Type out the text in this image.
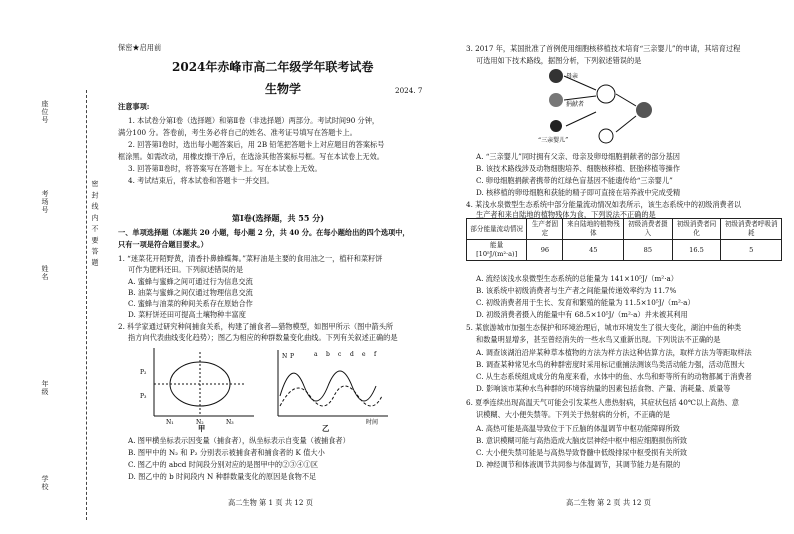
密 封 线 内 不 要 答 题
座位号
考场号
姓名
年级
学校
保密★启用前
2024年赤峰市高二年级学年联考试卷
生物学	2024. 7
注意事项:
1. 本试卷分第Ⅰ卷（选择题）和第Ⅱ卷（非选择题）两部分。考试时间90 分钟，
满分100 分。答卷前，考生务必将自己的姓名、准考证号填写在答题卡上。
2. 回答第Ⅰ卷时，选出每小题答案后，用 2B 铅笔把答题卡上对应题目的答案标号
框涂黑。如需改动，用橡皮擦干净后，在选涂其他答案标号框。写在本试卷上无效。
3. 回答第Ⅱ卷时，将答案写在答题卡上。写在本试卷上无效。
4. 考试结束后，将本试卷和答题卡一并交回。
第Ⅰ卷(选择题，共 55 分)
一、单项选择题（本题共 20 小题，每小题 2 分，共 40 分。在每小题给出的四个选项中，
只有一项是符合题目要求。）
1. “迷菜花开陌野黄，清香扑鼻蜂蝶舞。”菜籽油是主要的食用油之一，植秆和菜籽饼
可作为肥料还田。下列叙述错误的是
A. 蜜蜂与蜜蜂之间可通过行为信息交流
B. 油菜与蜜蜂之间仅通过物理信息交流
C. 蜜蜂与油菜的种间关系存在原始合作
D. 菜籽饼还田可提高土壤物种丰富度
2. 科学家通过研究种间捕食关系，构建了捕食者—猎物模型，如图甲所示（图中箭头所
指方向代表曲线变化趋势）；图乙为相应的种群数量变化曲线。下列有关叙述正确的是
P₂
P₃
N₁	N₂	N₃
甲
N P	a b c d e f
时间
乙
A. 图甲横坐标表示因变量（捕食者），纵坐标表示自变量（被捕食者）
B. 图甲中的 N₂ 和 P₂ 分别表示被捕食者和捕食者的 K 值大小
C. 图乙中的 abcd 时间段分别对应的是图甲中的②③④①区
D. 图乙中的 b 时间段内 N 种群数量变化的原因是食物不足
高二生物 第 1 页 共 12 页
3. 2017 年，某国批准了首例使用细胞核移植技术培育“三亲婴儿”的申请，其培育过程
可选用如下技术路线，据图分析，下列叙述错误的是
母亲
捐献者
“三亲婴儿”
A. “三亲婴儿”同时拥有父亲、母亲及卵母细胞捐献者的部分基因
B. 该技术路线涉及动物细胞培养、细胞核移植、胚胎移植等操作
C. 卵母细胞捐献者携带的红绿色盲基因不能遗传给“三亲婴儿”
D. 核移植的卵母细胞和获能的精子即可直接在培养液中完成受精
4. 某浅水泉微型生态系统中部分能量流动情况如表所示，该生态系统中的初级消费者以
生产者和来自陆地的植物残体为食，下列说法不正确的是
部分能量流动情况	生产者固定	来自陆地的植物残体	初级消费者摄入	初级消费者同化	初级消费者呼吸消耗
能量 [10⁵J/(m²·a)]	96	45	85	16.5	5
A. 流经该浅水泉微型生态系统的总能量为 141×10⁵J/（m²·a）
B. 该系统中初级消费者与生产者之间能量传递效率约为 11.7%
C. 初级消费者用于生长、发育和繁殖的能量为 11.5×10⁵J/（m²·a）
D. 初级消费者摄入的能量中有 68.5×10⁵J/（m²·a）并未被其利用
5. 某旅游城市加强生态保护和环境治理后，城市环境发生了很大变化，湖泊中鱼的种类
和数量明显增多，甚至曾经消失的一些水鸟又重新出现。下列说法不正确的是
A. 调查该湖泊沿岸某种草本植物的方法为样方法这种估算方法，取样方法为等距取样法
B. 调查某种常见水鸟的种群密度时采用标记重捕法测该鸟类活动能力强，活动范围大
C. 从生态系统组成成分的角度来看，水体中的鱼、水鸟和虾等所有的动物都属于消费者
D. 影响该市某种水鸟种群的环境容纳量的因素包括食物、产量、消耗量、质量等
6. 夏季连续出现高温天气可能会引发某些人患热射病，其症状包括 40℃以上高热、意
识模糊、大小便失禁等。下列关于热射病的分析，不正确的是
A. 高热可能是高温导致位于下丘脑的体温调节中枢功能障碍所致
B. 意识模糊可能与高热造成大脑皮层神经中枢中相应细胞损伤所致
C. 大小便失禁可能是与高热导致脊髓中低级排尿中枢受损有关所致
D. 神经调节和体液调节共同参与体温调节，其调节能力是有限的
高二生物 第 2 页 共 12 页
